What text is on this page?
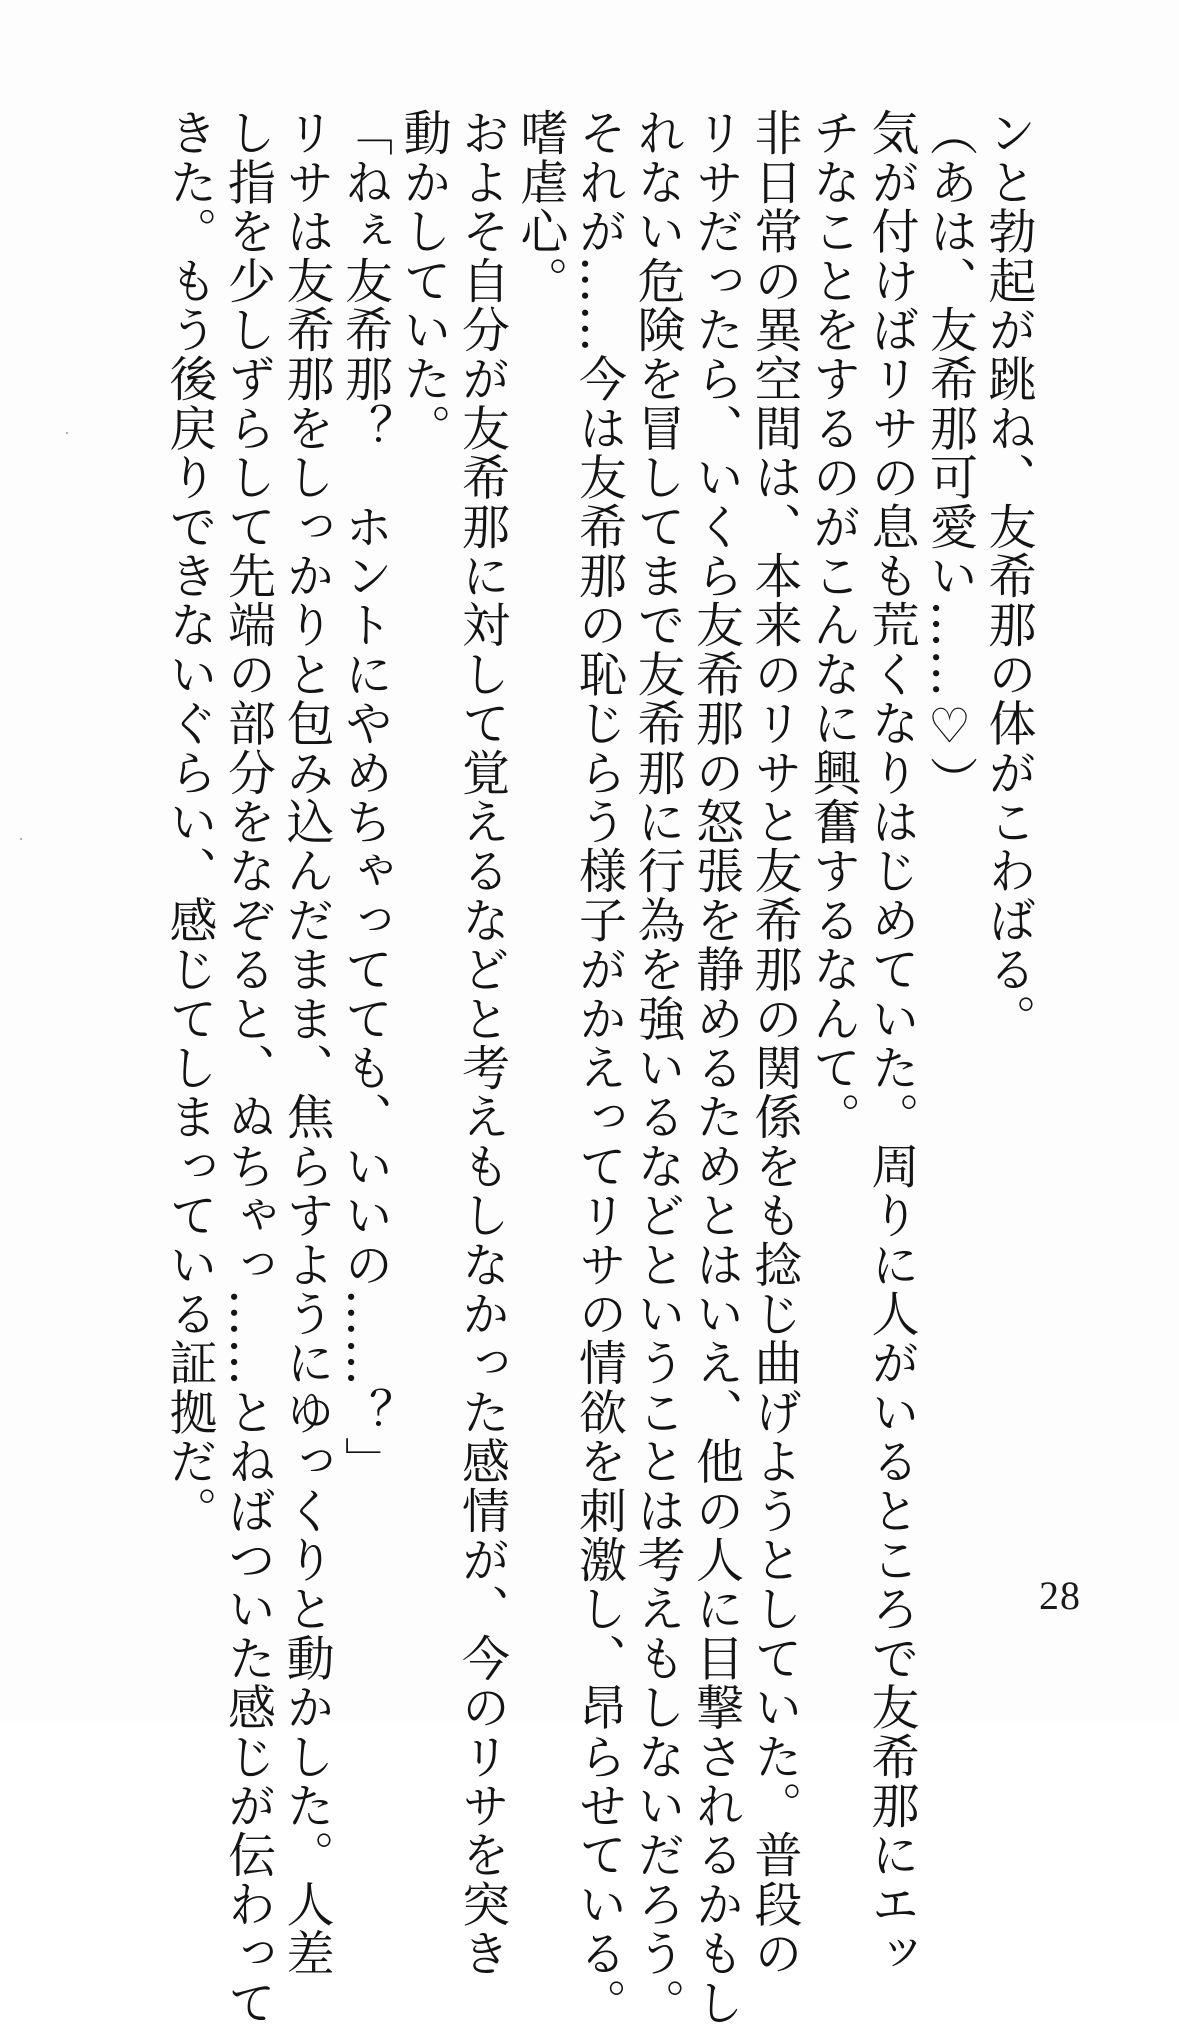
ンと勃起が跳ね、友希那の体がこわばる。
（あは、友希那可愛い……♡）
気が付けばリサの息も荒くなりはじめていた。周りに人がいるところで友希那にエッ
チなことをするのがこんなに興奮するなんて。
非日常の異空間は、本来のリサと友希那の関係をも捻じ曲げようとしていた。普段の
リサだったら、いくら友希那の怒張を静めるためとはいえ、他の人に目撃されるかもし
れない危険を冒してまで友希那に行為を強いるなどということは考えもしないだろう。
それが……今は友希那の恥じらう様子がかえってリサの情欲を刺激し、昂らせている。
嗜虐心。
およそ自分が友希那に対して覚えるなどと考えもしなかった感情が、今のリサを突き
動かしていた。
「ねぇ友希那？　ホントにやめちゃってても、いいの……？」
リサは友希那をしっかりと包み込んだまま、焦らすようにゆっくりと動かした。人差
し指を少しずらして先端の部分をなぞると、ぬちゃっ……とねばついた感じが伝わって
きた。もう後戻りできないぐらい、感じてしまっている証拠だ。
28
